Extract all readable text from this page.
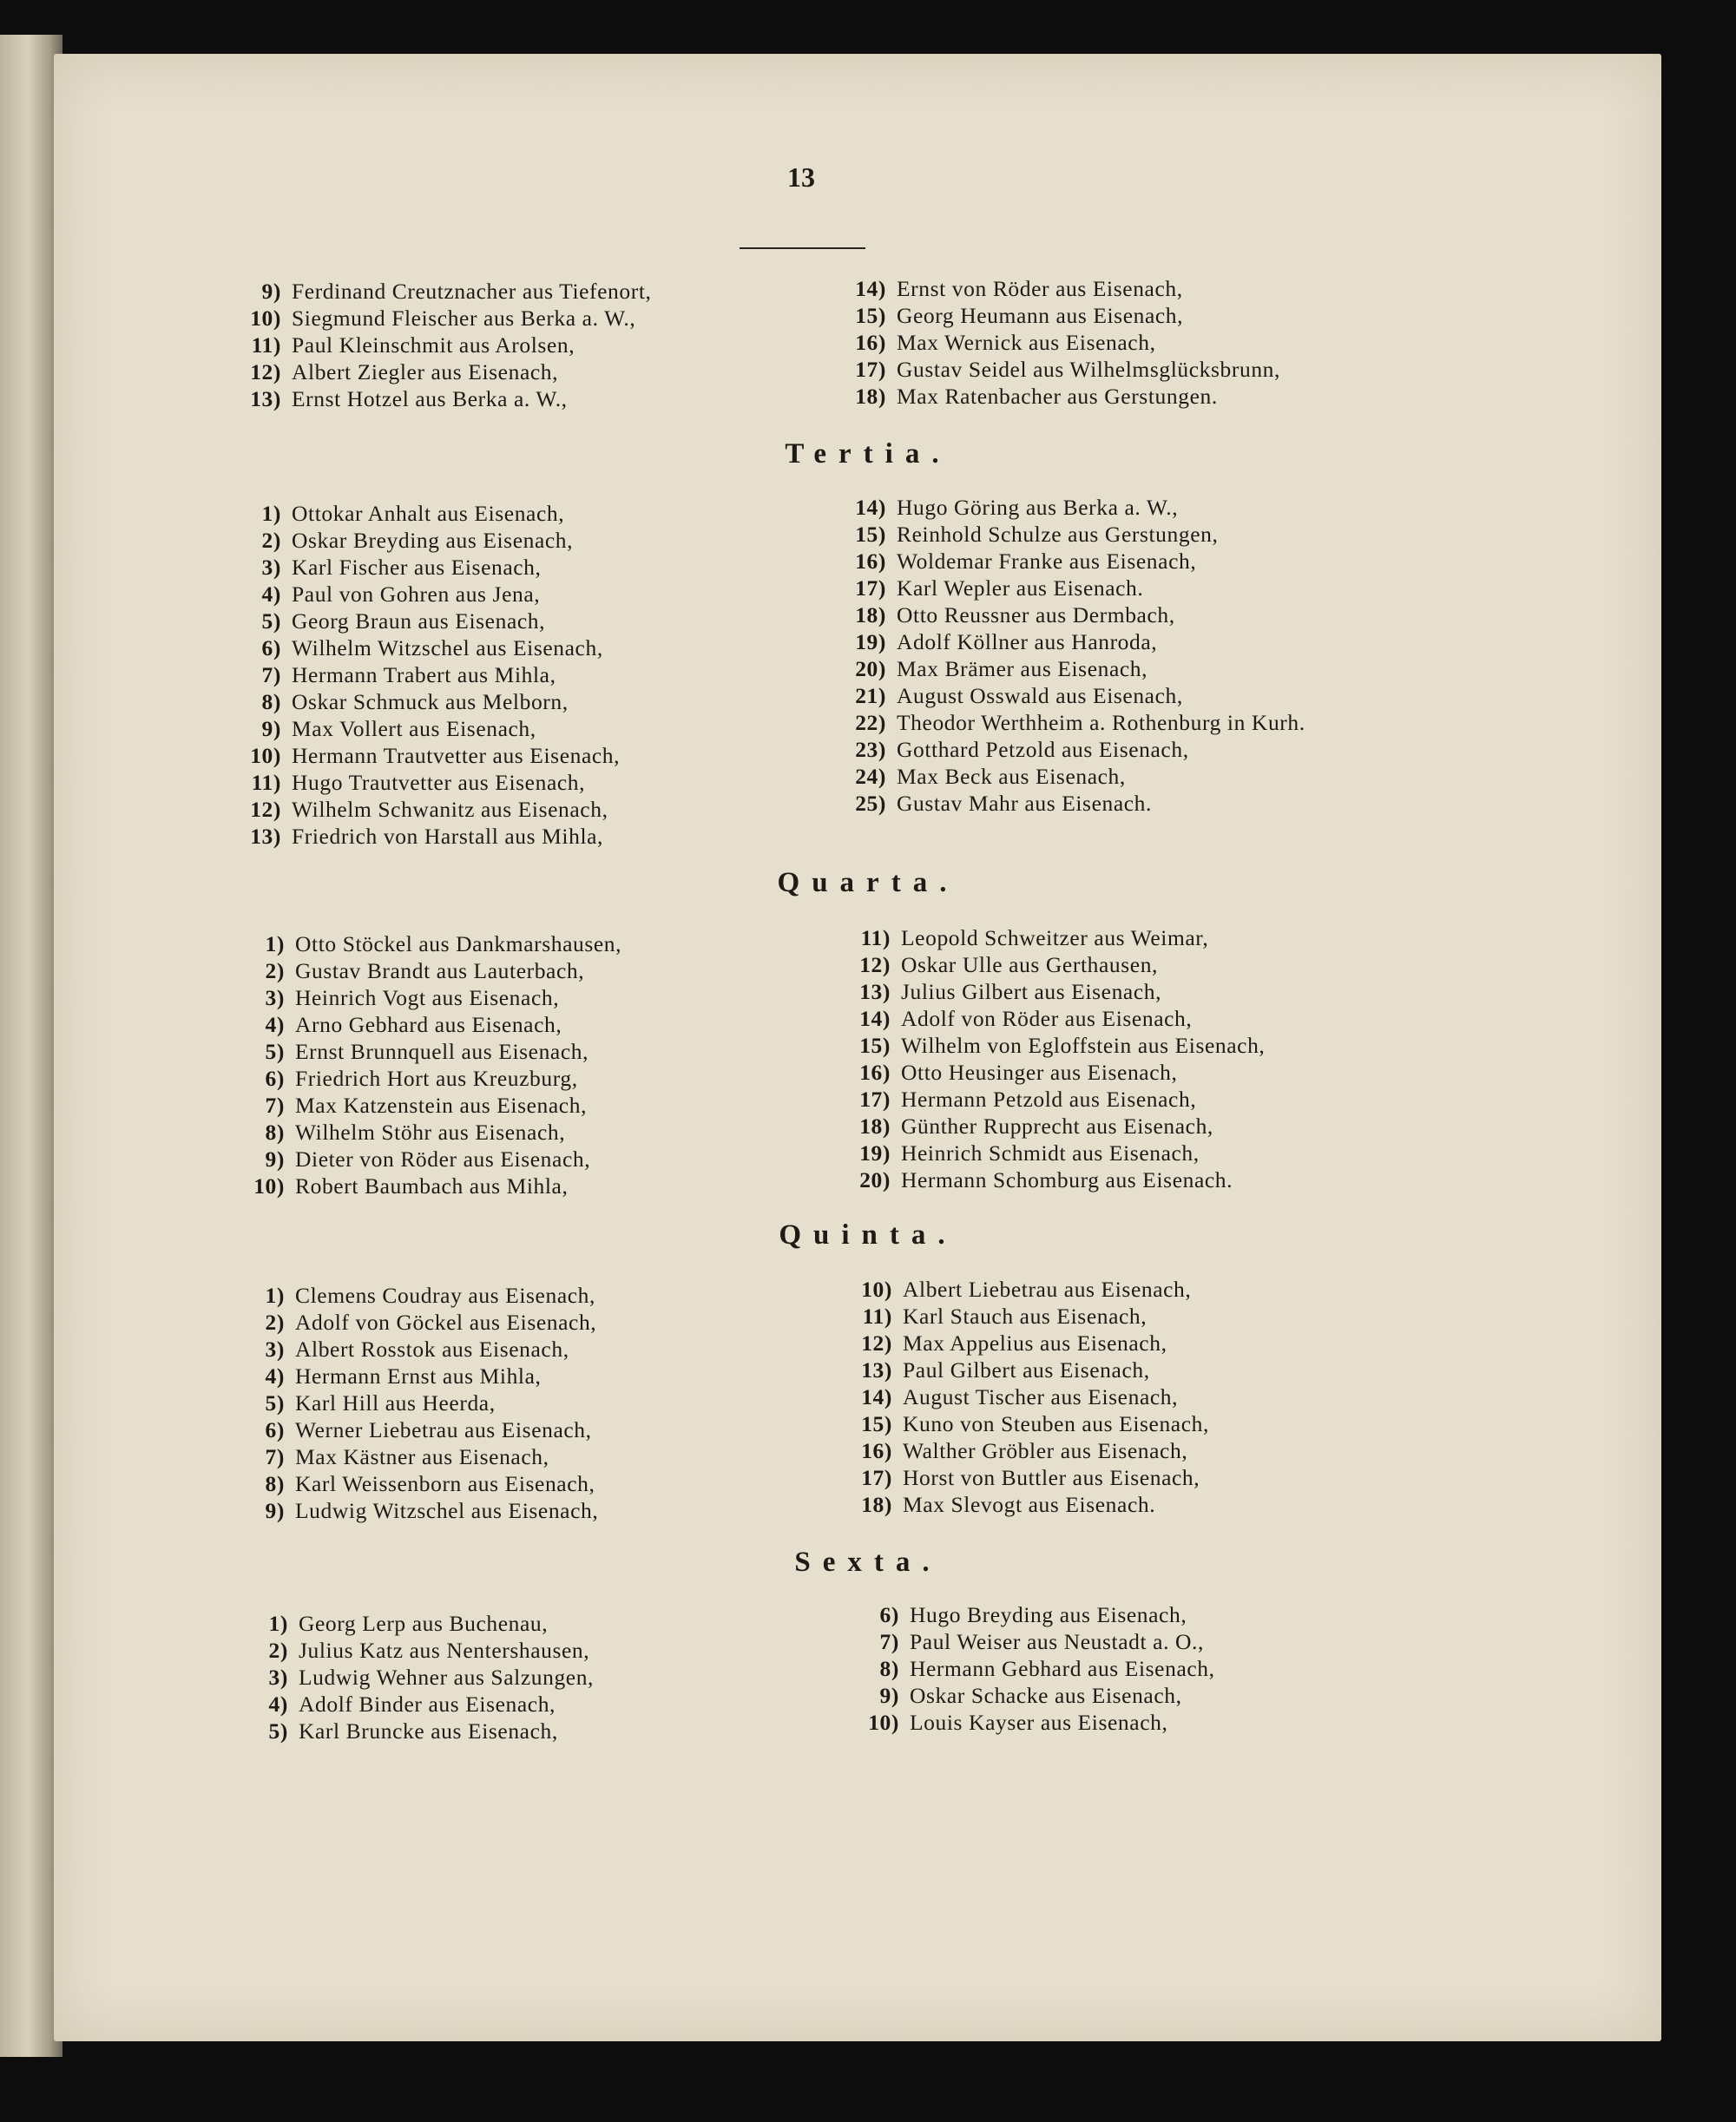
13
9) Ferdinand Creutznacher aus Tiefenort,
10) Siegmund Fleischer aus Berka a. W.,
11) Paul Kleinschmit aus Arolsen,
12) Albert Ziegler aus Eisenach,
13) Ernst Hotzel aus Berka a. W.,
14) Ernst von Röder aus Eisenach,
15) Georg Heumann aus Eisenach,
16) Max Wernick aus Eisenach,
17) Gustav Seidel aus Wilhelmsglücksbrunn,
18) Max Ratenbacher aus Gerstungen.
Tertia.
1) Ottokar Anhalt aus Eisenach,
2) Oskar Breyding aus Eisenach,
3) Karl Fischer aus Eisenach,
4) Paul von Gohren aus Jena,
5) Georg Braun aus Eisenach,
6) Wilhelm Witzschel aus Eisenach,
7) Hermann Trabert aus Mihla,
8) Oskar Schmuck aus Melborn,
9) Max Vollert aus Eisenach,
10) Hermann Trautvetter aus Eisenach,
11) Hugo Trautvetter aus Eisenach,
12) Wilhelm Schwanitz aus Eisenach,
13) Friedrich von Harstall aus Mihla,
14) Hugo Göring aus Berka a. W.,
15) Reinhold Schulze aus Gerstungen,
16) Woldemar Franke aus Eisenach,
17) Karl Wepler aus Eisenach.
18) Otto Reussner aus Dermbach,
19) Adolf Köllner aus Hanroda,
20) Max Brämer aus Eisenach,
21) August Osswald aus Eisenach,
22) Theodor Werthheim a. Rothenburg in Kurh.
23) Gotthard Petzold aus Eisenach,
24) Max Beck aus Eisenach,
25) Gustav Mahr aus Eisenach.
Quarta.
1) Otto Stöckel aus Dankmarshausen,
2) Gustav Brandt aus Lauterbach,
3) Heinrich Vogt aus Eisenach,
4) Arno Gebhard aus Eisenach,
5) Ernst Brunnquell aus Eisenach,
6) Friedrich Hort aus Kreuzburg,
7) Max Katzenstein aus Eisenach,
8) Wilhelm Stöhr aus Eisenach,
9) Dieter von Röder aus Eisenach,
10) Robert Baumbach aus Mihla,
11) Leopold Schweitzer aus Weimar,
12) Oskar Ulle aus Gerthausen,
13) Julius Gilbert aus Eisenach,
14) Adolf von Röder aus Eisenach,
15) Wilhelm von Egloffstein aus Eisenach,
16) Otto Heusinger aus Eisenach,
17) Hermann Petzold aus Eisenach,
18) Günther Rupprecht aus Eisenach,
19) Heinrich Schmidt aus Eisenach,
20) Hermann Schomburg aus Eisenach.
Quinta.
1) Clemens Coudray aus Eisenach,
2) Adolf von Göckel aus Eisenach,
3) Albert Rosstok aus Eisenach,
4) Hermann Ernst aus Mihla,
5) Karl Hill aus Heerda,
6) Werner Liebetrau aus Eisenach,
7) Max Kästner aus Eisenach,
8) Karl Weissenborn aus Eisenach,
9) Ludwig Witzschel aus Eisenach,
10) Albert Liebetrau aus Eisenach,
11) Karl Stauch aus Eisenach,
12) Max Appelius aus Eisenach,
13) Paul Gilbert aus Eisenach,
14) August Tischer aus Eisenach,
15) Kuno von Steuben aus Eisenach,
16) Walther Gröbler aus Eisenach,
17) Horst von Buttler aus Eisenach,
18) Max Slevogt aus Eisenach.
Sexta.
1) Georg Lerp aus Buchenau,
2) Julius Katz aus Nentershausen,
3) Ludwig Wehner aus Salzungen,
4) Adolf Binder aus Eisenach,
5) Karl Bruncke aus Eisenach,
6) Hugo Breyding aus Eisenach,
7) Paul Weiser aus Neustadt a. O.,
8) Hermann Gebhard aus Eisenach,
9) Oskar Schacke aus Eisenach,
10) Louis Kayser aus Eisenach,
